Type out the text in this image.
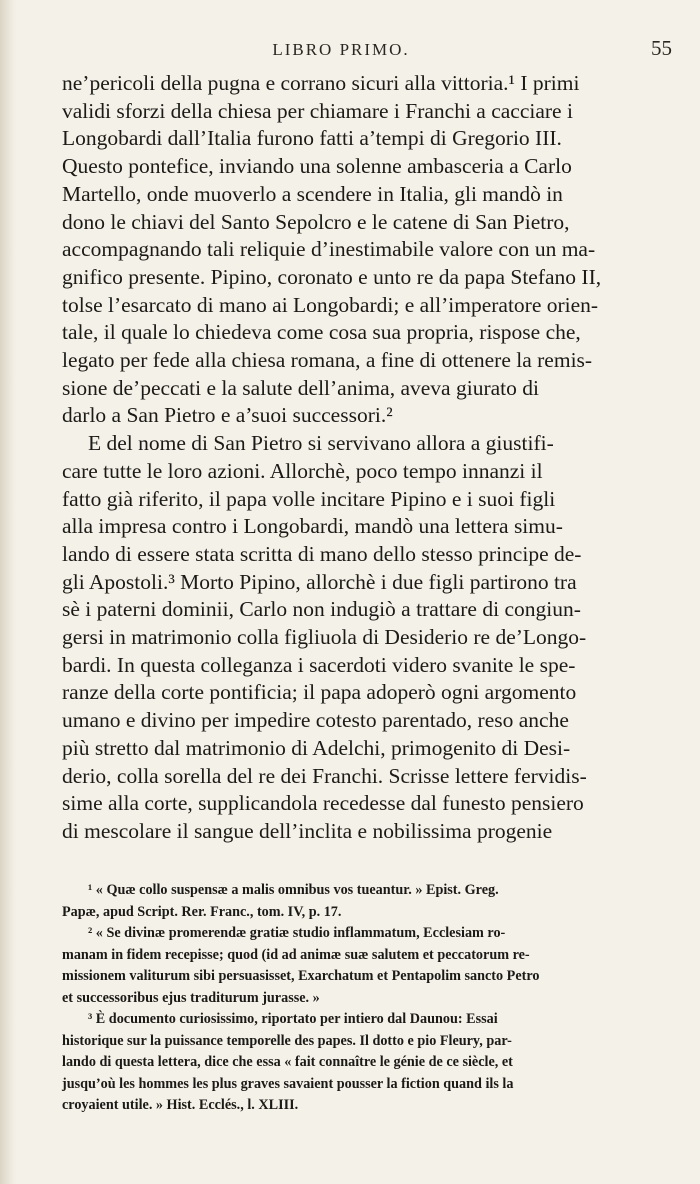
LIBRO PRIMO.	55
ne’pericoli della pugna e corrano sicuri alla vittoria.¹ I primi
validi sforzi della chiesa per chiamare i Franchi a cacciare i
Longobardi dall’Italia furono fatti a’tempi di Gregorio III.
Questo pontefice, inviando una solenne ambasceria a Carlo
Martello, onde muoverlo a scendere in Italia, gli mandò in
dono le chiavi del Santo Sepolcro e le catene di San Pietro,
accompagnando tali reliquie d’inestimabile valore con un ma-
gnifico presente. Pipino, coronato e unto re da papa Stefano II,
tolse l’esarcato di mano ai Longobardi; e all’imperatore orien-
tale, il quale lo chiedeva come cosa sua propria, rispose che,
legato per fede alla chiesa romana, a fine di ottenere la remis-
sione de’peccati e la salute dell’anima, aveva giurato di
darlo a San Pietro e a’suoi successori.²
E del nome di San Pietro si servivano allora a giustifi-
care tutte le loro azioni. Allorchè, poco tempo innanzi il
fatto già riferito, il papa volle incitare Pipino e i suoi figli
alla impresa contro i Longobardi, mandò una lettera simu-
lando di essere stata scritta di mano dello stesso principe de-
gli Apostoli.³ Morto Pipino, allorchè i due figli partirono tra
sè i paterni dominii, Carlo non indugiò a trattare di congiun-
gersi in matrimonio colla figliuola di Desiderio re de’Longo-
bardi. In questa colleganza i sacerdoti videro svanite le spe-
ranze della corte pontificia; il papa adoperò ogni argomento
umano e divino per impedire cotesto parentado, reso anche
più stretto dal matrimonio di Adelchi, primogenito di Desi-
derio, colla sorella del re dei Franchi. Scrisse lettere fervidis-
sime alla corte, supplicandola recedesse dal funesto pensiero
di mescolare il sangue dell’inclita e nobilissima progenie
¹ « Quæ collo suspensæ a malis omnibus vos tueantur. » Epist. Greg.
Papæ, apud Script. Rer. Franc., tom. IV, p. 17.
² « Se divinæ promerendæ gratiæ studio inflammatum, Ecclesiam ro-
manam in fidem recepisse; quod (id ad animæ suæ salutem et peccatorum re-
missionem valiturum sibi persuasisset, Exarchatum et Pentapolim sancto Petro
et successoribus ejus traditurum jurasse. »
³ È documento curiosissimo, riportato per intiero dal Daunou: Essai
historique sur la puissance temporelle des papes. Il dotto e pio Fleury, par-
lando di questa lettera, dice che essa « fait connaître le génie de ce siècle, et
jusqu’où les hommes les plus graves savaient pousser la fiction quand ils la
croyaient utile. » Hist. Ecclés., l. XLIII.
